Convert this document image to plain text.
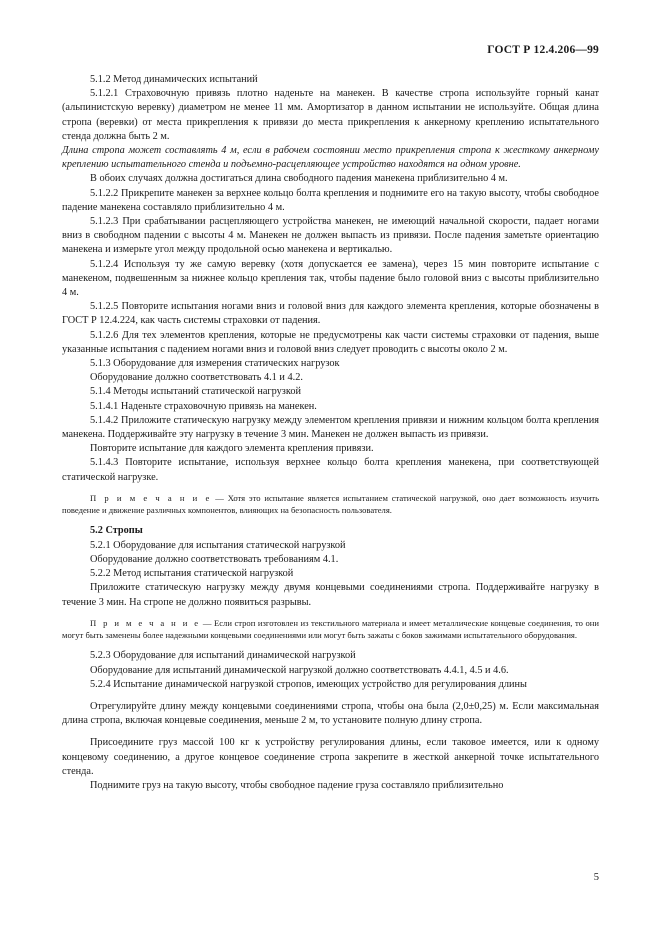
ГОСТ Р 12.4.206—99

5.1.2 Метод динамических испытаний

5.1.2.1 Страховочную привязь плотно наденьте на манекен. В качестве стропа используйте горный канат (альпинистскую веревку) диаметром не менее 11 мм. Амортизатор в данном испытании не используйте. Общая длина стропа (веревки) от места прикрепления к привязи до места прикрепления к анкерному креплению испытательного стенда должна быть 2 м.

Длина стропа может составлять 4 м, если в рабочем состоянии место прикрепления стропа к жесткому анкерному креплению испытательного стенда и подъемно-расцепляющее устройство находятся на одном уровне.

В обоих случаях должна достигаться длина свободного падения манекена приблизительно 4 м.

5.1.2.2 Прикрепите манекен за верхнее кольцо болта крепления и поднимите его на такую высоту, чтобы свободное падение манекена составляло приблизительно 4 м.

5.1.2.3 При срабатывании расцепляющего устройства манекен, не имеющий начальной скорости, падает ногами вниз в свободном падении с высоты 4 м. Манекен не должен выпасть из привязи. После падения заметьте ориентацию манекена и измерьте угол между продольной осью манекена и вертикалью.

5.1.2.4 Используя ту же самую веревку (хотя допускается ее замена), через 15 мин повторите испытание с манекеном, подвешенным за нижнее кольцо крепления так, чтобы падение было головой вниз с высоты приблизительно 4 м.

5.1.2.5 Повторите испытания ногами вниз и головой вниз для каждого элемента крепления, которые обозначены в ГОСТ Р 12.4.224, как часть системы страховки от падения.

5.1.2.6 Для тех элементов крепления, которые не предусмотрены как части системы страховки от падения, выше указанные испытания с падением ногами вниз и головой вниз следует проводить с высоты около 2 м.

5.1.3 Оборудование для измерения статических нагрузок

Оборудование должно соответствовать 4.1 и 4.2.

5.1.4 Методы испытаний статической нагрузкой

5.1.4.1 Наденьте страховочную привязь на манекен.

5.1.4.2 Приложите статическую нагрузку между элементом крепления привязи и нижним кольцом болта крепления манекена. Поддерживайте эту нагрузку в течение 3 мин. Манекен не должен выпасть из привязи.

Повторите испытание для каждого элемента крепления привязи.

5.1.4.3 Повторите испытание, используя верхнее кольцо болта крепления манекена, при соответствующей статической нагрузке.

П р и м е ч а н и е — Хотя это испытание является испытанием статической нагрузкой, оно дает возможность изучить поведение и движение различных компонентов, влияющих на безопасность пользователя.

5.2 Стропы

5.2.1 Оборудование для испытания статической нагрузкой

Оборудование должно соответствовать требованиям 4.1.

5.2.2 Метод испытания статической нагрузкой

Приложите статическую нагрузку между двумя концевыми соединениями стропа. Поддерживайте нагрузку в течение 3 мин. На стропе не должно появиться разрывы.

П р и м е ч а н и е — Если строп изготовлен из текстильного материала и имеет металлические концевые соединения, то они могут быть заменены более надежными концевыми соединениями или могут быть зажаты с боков зажимами испытательного оборудования.

5.2.3 Оборудование для испытаний динамической нагрузкой

Оборудование для испытаний динамической нагрузкой должно соответствовать 4.4.1, 4.5 и 4.6.

5.2.4 Испытание динамической нагрузкой стропов, имеющих устройство для регулирования длины

Отрегулируйте длину между концевыми соединениями стропа, чтобы она была (2,0±0,25) м. Если максимальная длина стропа, включая концевые соединения, меньше 2 м, то установите полную длину стропа.

Присоедините груз массой 100 кг к устройству регулирования длины, если таковое имеется, или к одному концевому соединению, а другое концевое соединение стропа закрепите в жесткой анкерной точке испытательного стенда.

Поднимите груз на такую высоту, чтобы свободное падение груза составляло приблизительно

5
